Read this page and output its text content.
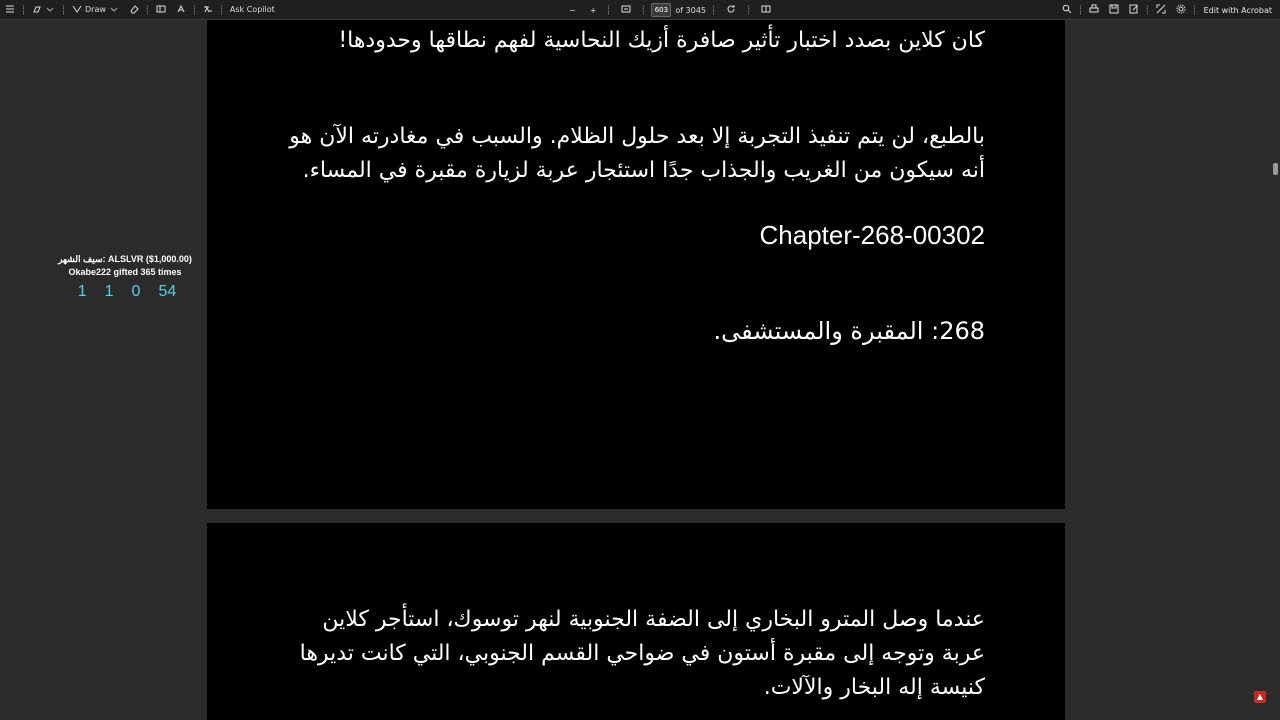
Draw	Ask Copilot	− +	603 of 3045	Edit with Acrobat
كان كلاين بصدد اختبار تأثير صافرة أزيك النحاسية لفهم نطاقها وحدودها!
بالطبع، لن يتم تنفيذ التجربة إلا بعد حلول الظلام. والسبب في مغادرته الآن هو أنه سيكون من الغريب والجذاب جدًا استئجار عربة لزيارة مقبرة في المساء.
Chapter-268-00302
268: المقبرة والمستشفى.
عندما وصل المترو البخاري إلى الضفة الجنوبية لنهر توسوك، استأجر كلاين عربة وتوجه إلى مقبرة أستون في ضواحي القسم الجنوبي، التي كانت تديرها كنيسة إله البخار والآلات.
سيف الشهر: ALSLVR ($1,000.00)
Okabe222 gifted 365 times
1 1 0 54
▲
